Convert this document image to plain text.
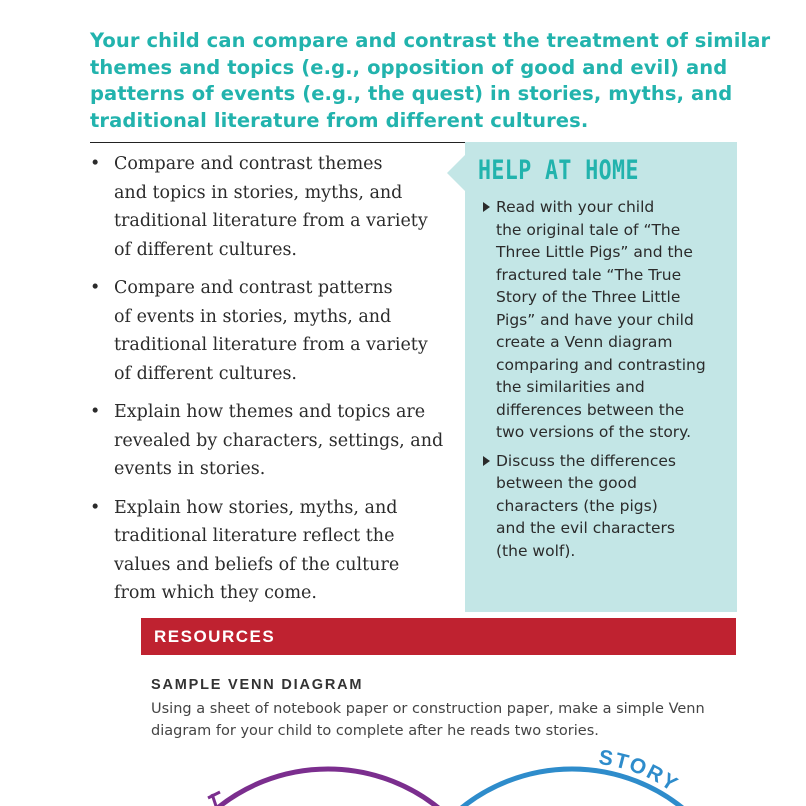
Your child can compare and contrast the treatment of similar
themes and topics (e.g., opposition of good and evil) and
patterns of events (e.g., the quest) in stories, myths, and
traditional literature from different cultures.
• Compare and contrast themes
and topics in stories, myths, and
traditional literature from a variety
of different cultures.
• Compare and contrast patterns
of events in stories, myths, and
traditional literature from a variety
of different cultures.
• Explain how themes and topics are
revealed by characters, settings, and
events in stories.
• Explain how stories, myths, and
traditional literature reflect the
values and beliefs of the culture
from which they come.
HELP AT HOME
Read with your child
the original tale of “The
Three Little Pigs” and the
fractured tale “The True
Story of the Three Little
Pigs” and have your child
create a Venn diagram
comparing and contrasting
the similarities and
differences between the
two versions of the story.
Discuss the differences
between the good
characters (the pigs)
and the evil characters
(the wolf).
RESOURCES
SAMPLE VENN DIAGRAM
Using a sheet of notebook paper or construction paper, make a simple Venn
diagram for your child to complete after he reads two stories.
STORY
